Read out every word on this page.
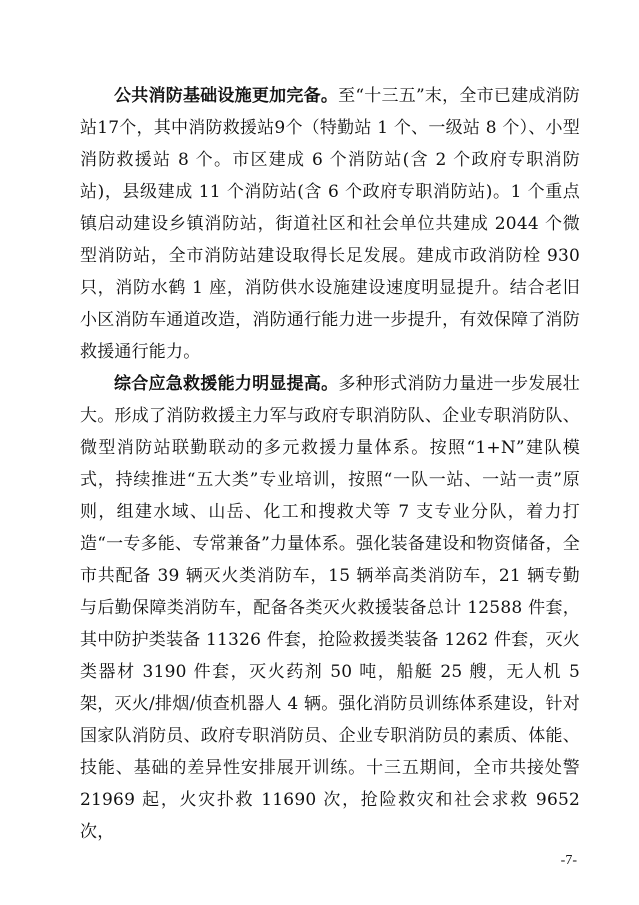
公共消防基础设施更加完备。至“十三五”末，全市已建成消防站17个，其中消防救援站9个（特勤站 1 个、一级站 8 个）、小型消防救援站 8 个。市区建成 6 个消防站(含 2 个政府专职消防站)，县级建成 11 个消防站(含 6 个政府专职消防站)。1 个重点镇启动建设乡镇消防站，街道社区和社会单位共建成 2044 个微型消防站，全市消防站建设取得长足发展。建成市政消防栓 930 只，消防水鹤 1 座，消防供水设施建设速度明显提升。结合老旧小区消防车通道改造，消防通行能力进一步提升，有效保障了消防救援通行能力。

综合应急救援能力明显提高。多种形式消防力量进一步发展壮大。形成了消防救援主力军与政府专职消防队、企业专职消防队、微型消防站联勤联动的多元救援力量体系。按照“1+N”建队模式，持续推进“五大类”专业培训，按照“一队一站、一站一责”原则，组建水域、山岳、化工和搜救犬等 7 支专业分队，着力打造“一专多能、专常兼备”力量体系。强化装备建设和物资储备，全市共配备 39 辆灭火类消防车，15 辆举高类消防车，21 辆专勤与后勤保障类消防车，配备各类灭火救援装备总计 12588 件套，其中防护类装备 11326 件套，抢险救援类装备 1262 件套，灭火类器材 3190 件套，灭火药剂 50 吨，船艇 25 艘，无人机 5 架，灭火/排烟/侦查机器人 4 辆。强化消防员训练体系建设，针对国家队消防员、政府专职消防员、企业专职消防员的素质、体能、技能、基础的差异性安排展开训练。十三五期间，全市共接处警 21969 起，火灾扑救 11690 次，抢险救灾和社会求救 9652 次，

-7-
